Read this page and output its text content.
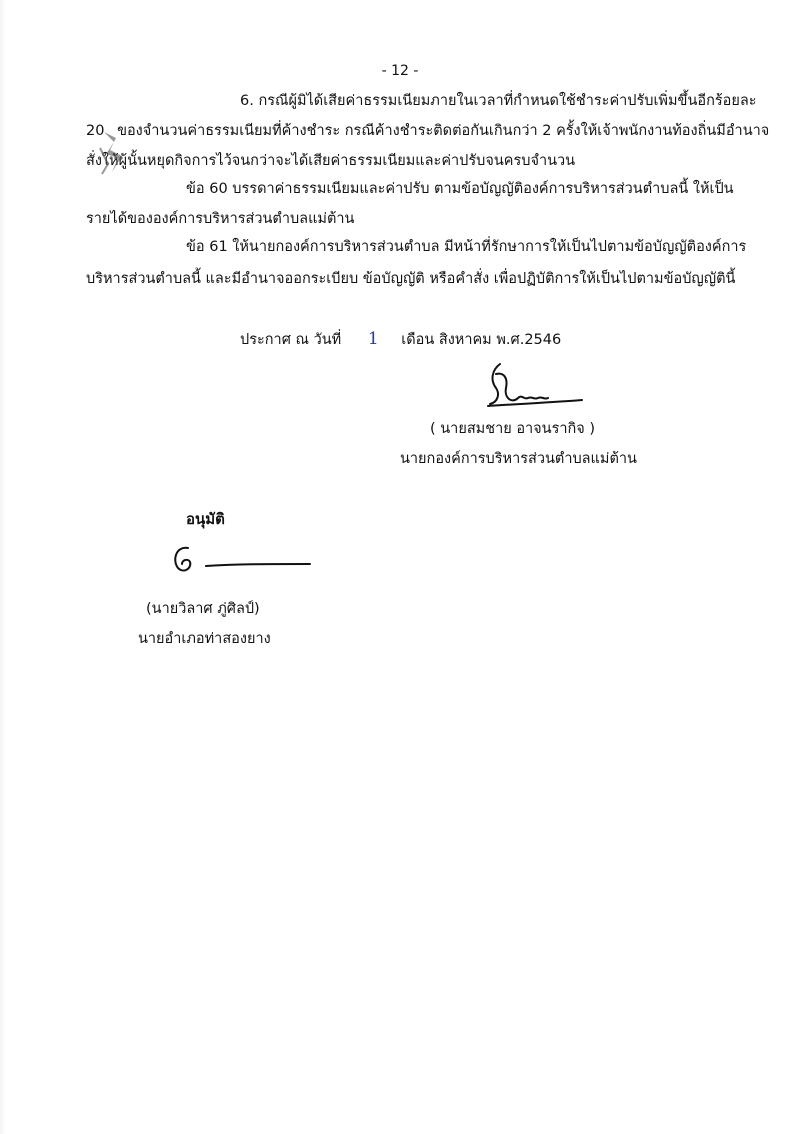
- 12 -
6. กรณีผู้มิได้เสียค่าธรรมเนียมภายในเวลาที่กำหนดใช้ชำระค่าปรับเพิ่มขึ้นอีกร้อยละ
20 ของจำนวนค่าธรรมเนียมที่ค้างชำระ กรณีค้างชำระติดต่อกันเกินกว่า 2 ครั้งให้เจ้าพนักงานท้องถิ่นมีอำนาจ
สั่งให้ผู้นั้นหยุดกิจการไว้จนกว่าจะได้เสียค่าธรรมเนียมและค่าปรับจนครบจำนวน
ข้อ 60 บรรดาค่าธรรมเนียมและค่าปรับ ตามข้อบัญญัติองค์การบริหารส่วนตำบลนี้ ให้เป็น
รายได้ขององค์การบริหารส่วนตำบลแม่ต้าน
ข้อ 61 ให้นายกองค์การบริหารส่วนตำบล มีหน้าที่รักษาการให้เป็นไปตามข้อบัญญัติองค์การ
บริหารส่วนตำบลนี้ และมีอำนาจออกระเบียบ ข้อบัญญัติ หรือคำสั่ง เพื่อปฏิบัติการให้เป็นไปตามข้อบัญญัตินี้
ประกาศ ณ วันที่ 1 เดือน สิงหาคม พ.ศ.2546
( นายสมชาย อาจนรากิจ )
นายกองค์การบริหารส่วนตำบลแม่ต้าน
อนุมัติ
(นายวิลาศ ภู่ศิลป์)
นายอำเภอท่าสองยาง
